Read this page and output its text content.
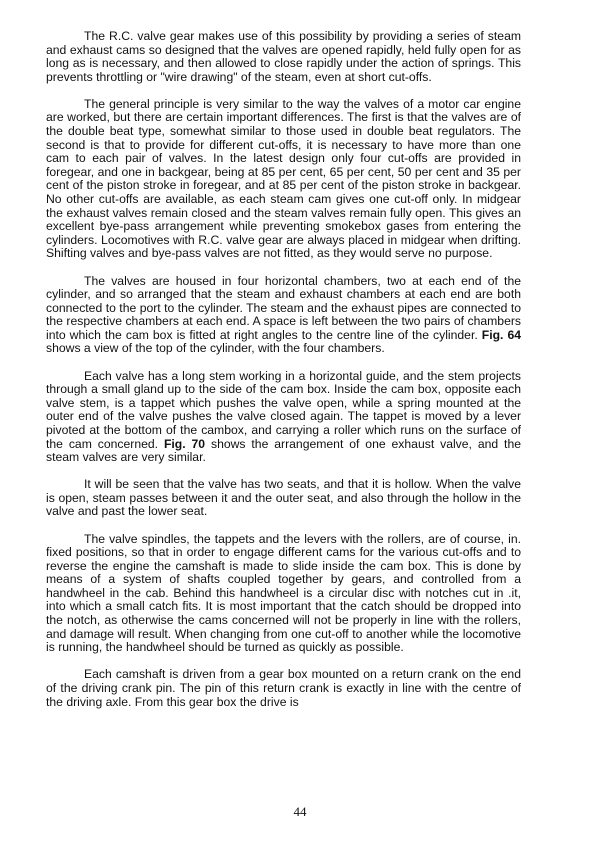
The R.C. valve gear makes use of this possibility by providing a series of steam and exhaust cams so designed that the valves are opened rapidly, held fully open for as long as is necessary, and then allowed to close rapidly under the action of springs. This prevents throttling or "wire drawing" of the steam, even at short cut-offs.

The general principle is very similar to the way the valves of a motor car engine are worked, but there are certain important differences. The first is that the valves are of the double beat type, somewhat similar to those used in double beat regulators. The second is that to provide for different cut-offs, it is necessary to have more than one cam to each pair of valves. In the latest design only four cut-offs are provided in foregear, and one in backgear, being at 85 per cent, 65 per cent, 50 per cent and 35 per cent of the piston stroke in foregear, and at 85 per cent of the piston stroke in backgear. No other cut-offs are available, as each steam cam gives one cut-off only. In midgear the exhaust valves remain closed and the steam valves remain fully open. This gives an excellent bye-pass arrangement while preventing smokebox gases from entering the cylinders. Locomotives with R.C. valve gear are always placed in midgear when drifting. Shifting valves and bye-pass valves are not fitted, as they would serve no purpose.

The valves are housed in four horizontal chambers, two at each end of the cylinder, and so arranged that the steam and exhaust chambers at each end are both connected to the port to the cylinder. The steam and the exhaust pipes are connected to the respective chambers at each end. A space is left between the two pairs of chambers into which the cam box is fitted at right angles to the centre line of the cylinder. Fig. 64 shows a view of the top of the cylinder, with the four chambers.

Each valve has a long stem working in a horizontal guide, and the stem projects through a small gland up to the side of the cam box. Inside the cam box, opposite each valve stem, is a tappet which pushes the valve open, while a spring mounted at the outer end of the valve pushes the valve closed again. The tappet is moved by a lever pivoted at the bottom of the cambox, and carrying a roller which runs on the surface of the cam concerned. Fig. 70 shows the arrangement of one exhaust valve, and the steam valves are very similar.

It will be seen that the valve has two seats, and that it is hollow. When the valve is open, steam passes between it and the outer seat, and also through the hollow in the valve and past the lower seat.

The valve spindles, the tappets and the levers with the rollers, are of course, in. fixed positions, so that in order to engage different cams for the various cut-offs and to reverse the engine the camshaft is made to slide inside the cam box. This is done by means of a system of shafts coupled together by gears, and controlled from a handwheel in the cab. Behind this handwheel is a circular disc with notches cut in .it, into which a small catch fits. It is most important that the catch should be dropped into the notch, as otherwise the cams concerned will not be properly in line with the rollers, and damage will result. When changing from one cut-off to another while the locomotive is running, the handwheel should be turned as quickly as possible.

Each camshaft is driven from a gear box mounted on a return crank on the end of the driving crank pin. The pin of this return crank is exactly in line with the centre of the driving axle. From this gear box the drive is

44
